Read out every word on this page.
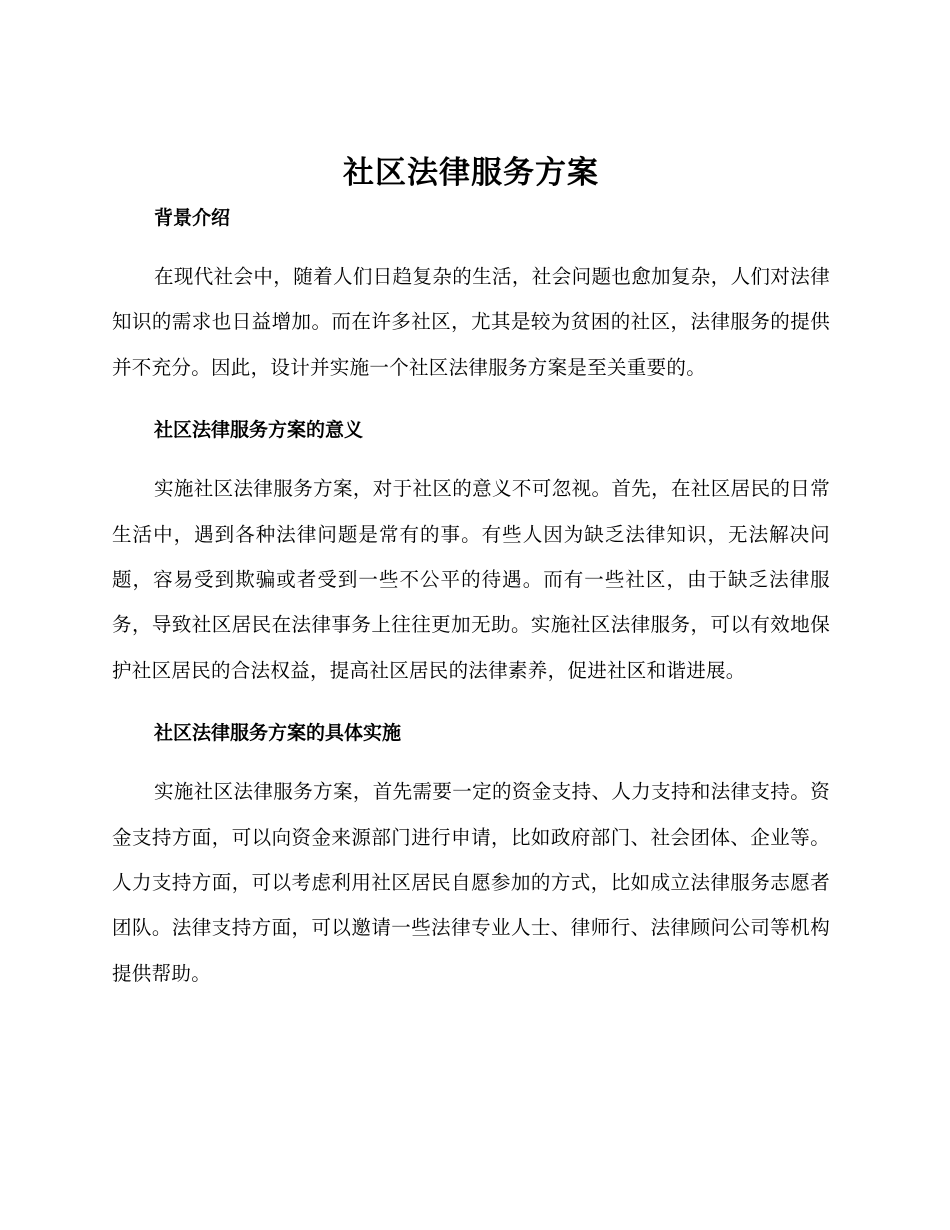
社区法律服务方案
背景介绍

在现代社会中，随着人们日趋复杂的生活，社会问题也愈加复杂，人们对法律知识的需求也日益增加。而在许多社区，尤其是较为贫困的社区，法律服务的提供并不充分。因此，设计并实施一个社区法律服务方案是至关重要的。

社区法律服务方案的意义

实施社区法律服务方案，对于社区的意义不可忽视。首先，在社区居民的日常生活中，遇到各种法律问题是常有的事。有些人因为缺乏法律知识，无法解决问题，容易受到欺骗或者受到一些不公平的待遇。而有一些社区，由于缺乏法律服务，导致社区居民在法律事务上往往更加无助。实施社区法律服务，可以有效地保护社区居民的合法权益，提高社区居民的法律素养，促进社区和谐进展。

社区法律服务方案的具体实施

实施社区法律服务方案，首先需要一定的资金支持、人力支持和法律支持。资金支持方面，可以向资金来源部门进行申请，比如政府部门、社会团体、企业等。人力支持方面，可以考虑利用社区居民自愿参加的方式，比如成立法律服务志愿者团队。法律支持方面，可以邀请一些法律专业人士、律师行、法律顾问公司等机构提供帮助。
